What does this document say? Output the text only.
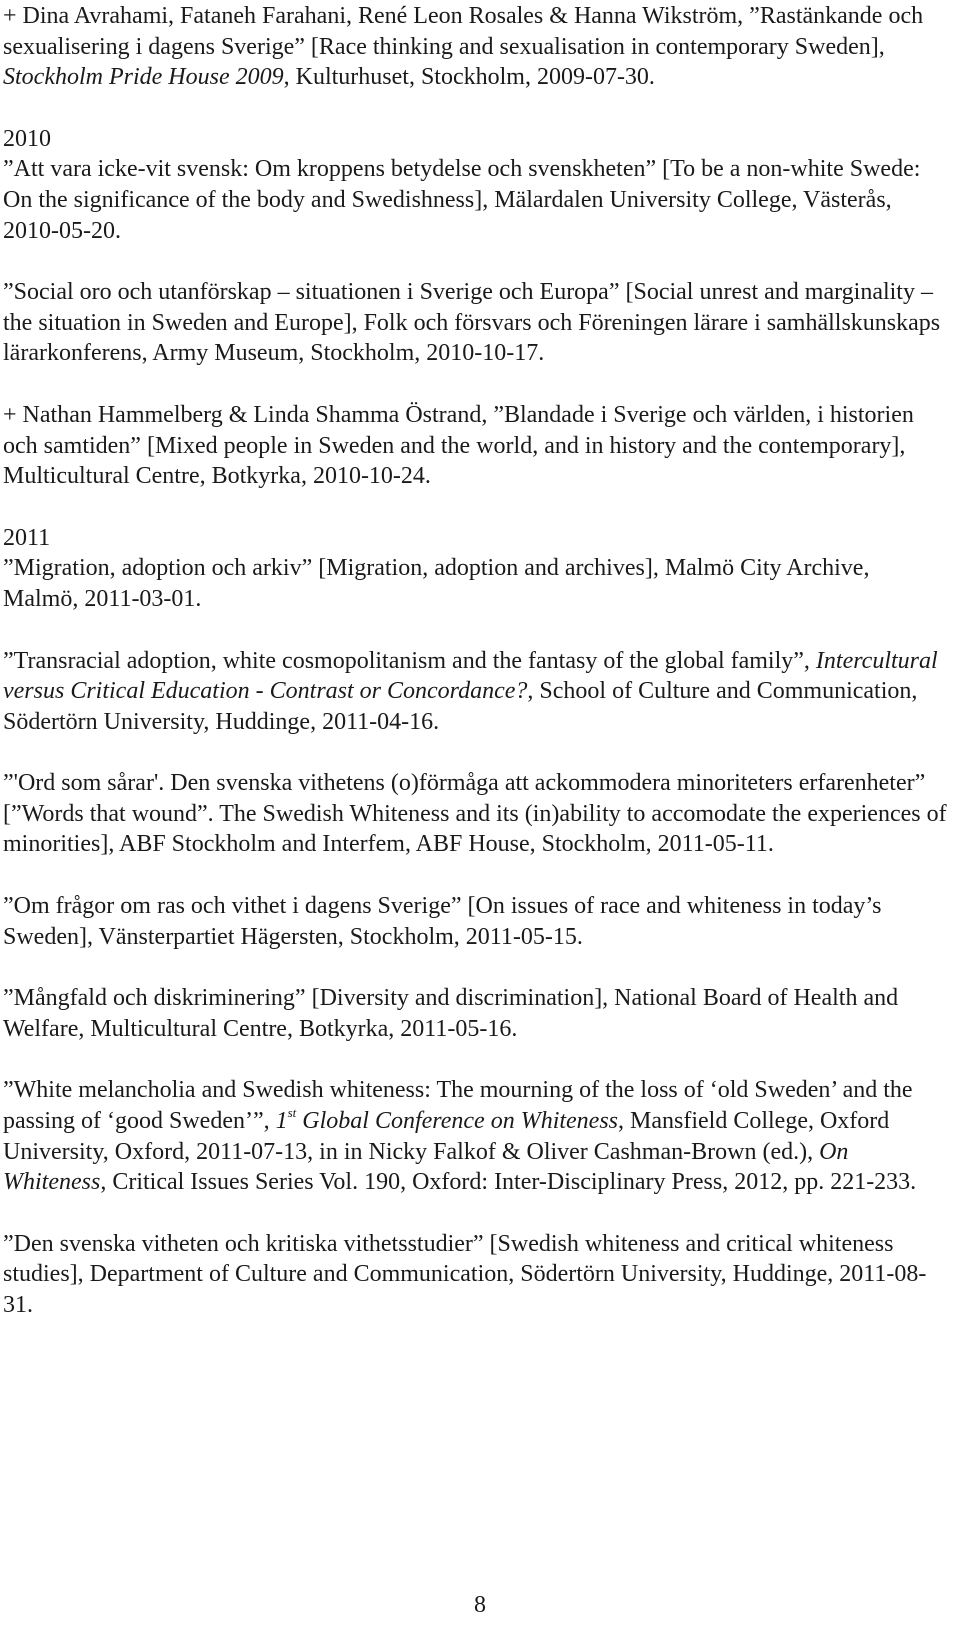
+ Dina Avrahami, Fataneh Farahani, René Leon Rosales & Hanna Wikström, ”Rastänkande och sexualisering i dagens Sverige” [Race thinking and sexualisation in contemporary Sweden], Stockholm Pride House 2009, Kulturhuset, Stockholm, 2009-07-30.

2010

”Att vara icke-vit svensk: Om kroppens betydelse och svenskheten” [To be a non-white Swede: On the significance of the body and Swedishness], Mälardalen University College, Västerås, 2010-05-20.

”Social oro och utanförskap – situationen i Sverige och Europa” [Social unrest and marginality – the situation in Sweden and Europe], Folk och försvars och Föreningen lärare i samhällskunskaps lärarkonferens, Army Museum, Stockholm, 2010-10-17.

+ Nathan Hammelberg & Linda Shamma Östrand, ”Blandade i Sverige och världen, i historien och samtiden” [Mixed people in Sweden and the world, and in history and the contemporary], Multicultural Centre, Botkyrka, 2010-10-24.

2011

”Migration, adoption och arkiv” [Migration, adoption and archives], Malmö City Archive, Malmö, 2011-03-01.

”Transracial adoption, white cosmopolitanism and the fantasy of the global family”, Intercultural versus Critical Education - Contrast or Concordance?, School of Culture and Communication, Södertörn University, Huddinge, 2011-04-16.

”'Ord som sårar'. Den svenska vithetens (o)förmåga att ackommodera minoriteters erfarenheter” [”Words that wound”. The Swedish Whiteness and its (in)ability to accomodate the experiences of minorities], ABF Stockholm and Interfem, ABF House, Stockholm, 2011-05-11.

”Om frågor om ras och vithet i dagens Sverige” [On issues of race and whiteness in today’s Sweden], Vänsterpartiet Hägersten, Stockholm, 2011-05-15.

”Mångfald och diskriminering” [Diversity and discrimination], National Board of Health and Welfare, Multicultural Centre, Botkyrka, 2011-05-16.

”White melancholia and Swedish whiteness: The mourning of the loss of ‘old Sweden’ and the passing of ‘good Sweden’”, 1st Global Conference on Whiteness, Mansfield College, Oxford University, Oxford, 2011-07-13, in in Nicky Falkof & Oliver Cashman-Brown (ed.), On Whiteness, Critical Issues Series Vol. 190, Oxford: Inter-Disciplinary Press, 2012, pp. 221-233.

”Den svenska vitheten och kritiska vithetsstudier” [Swedish whiteness and critical whiteness studies], Department of Culture and Communication, Södertörn University, Huddinge, 2011-08-31.

8
